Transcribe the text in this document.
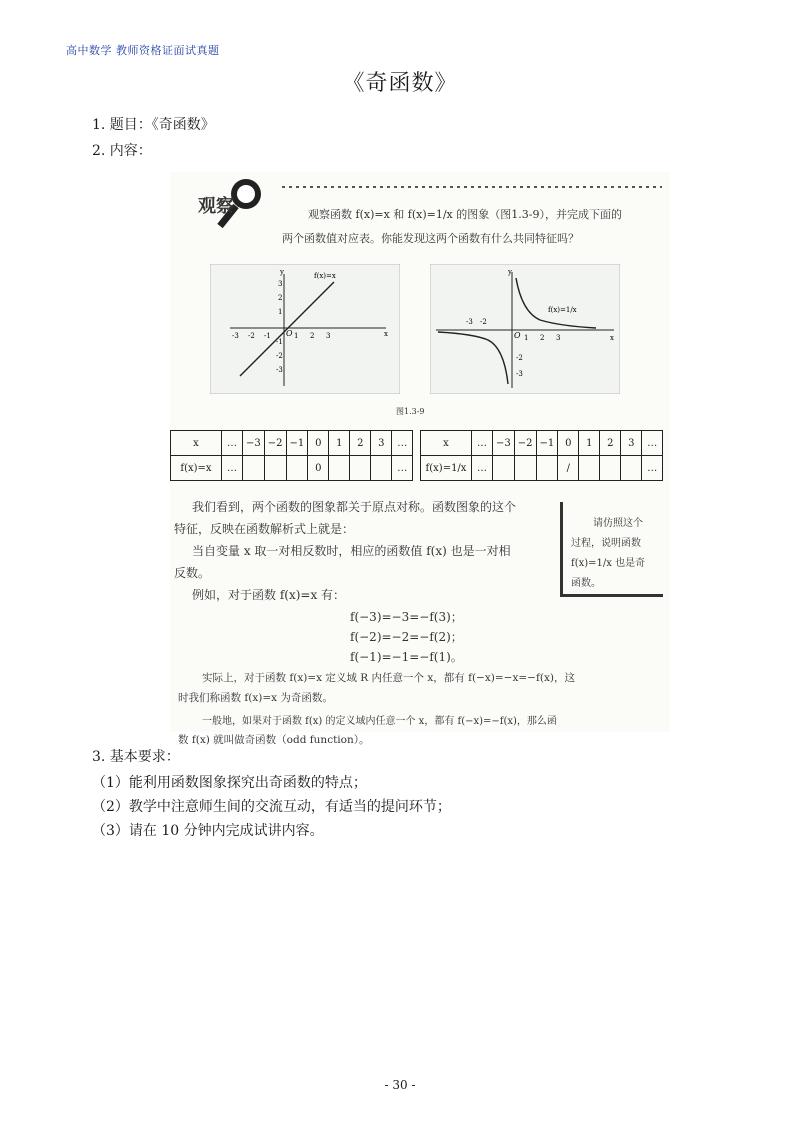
高中数学 教师资格证面试真题
《奇函数》
1. 题目：《奇函数》
2. 内容：
观察	观察函数 f(x)=x 和 f(x)=1/x 的图象（图1.3-9），并完成下面的
两个函数值对应表。你能发现这两个函数有什么共同特征吗？
-3 -2 -1	1 2 3
O	x
y
3
2
1
-1
-2
-3
f(x)=x
-3 -2
1 2 3
O	x
y
-2
-3
f(x)=1/x
图1.3-9
x	…	−3	−2	−1	0	1	2	3	…
f(x)=x	…				0				…
x	…	−3	−2	−1	0	1	2	3	…
f(x)=1/x	…				/				…
我们看到，两个函数的图象都关于原点对称。函数图象的这个
特征，反映在函数解析式上就是：
当自变量 x 取一对相反数时，相应的函数值 f(x) 也是一对相
反数。
例如，对于函数 f(x)=x 有：
请仿照这个
过程，说明函数
f(x)=1/x 也是奇
函数。
f(−3)=−3=−f(3)；
f(−2)=−2=−f(2)；
f(−1)=−1=−f(1)。
实际上，对于函数 f(x)=x 定义域 R 内任意一个 x，都有 f(−x)=−x=−f(x)，这
时我们称函数 f(x)=x 为奇函数。
一般地，如果对于函数 f(x) 的定义域内任意一个 x，都有 f(−x)=−f(x)，那么函
数 f(x) 就叫做奇函数（odd function）。
3. 基本要求：
（1）能利用函数图象探究出奇函数的特点；
（2）教学中注意师生间的交流互动，有适当的提问环节；
（3）请在 10 分钟内完成试讲内容。
- 30 -
